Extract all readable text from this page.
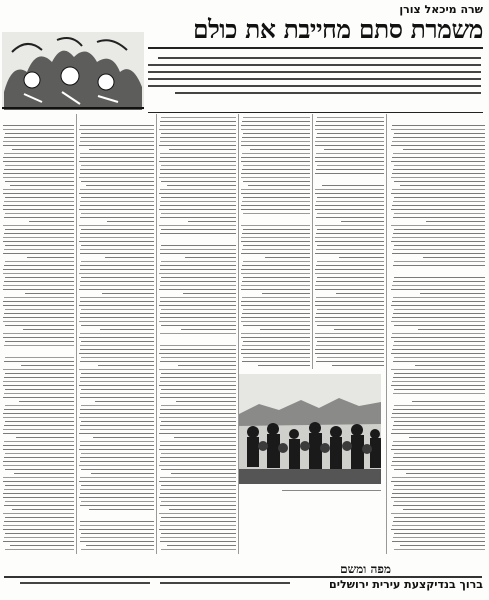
שרה מיכאל צורן
משמרת סתם מחייבת את כולם
מפה ומשם
ברוך בנדיקצעת עירית ירושלים
